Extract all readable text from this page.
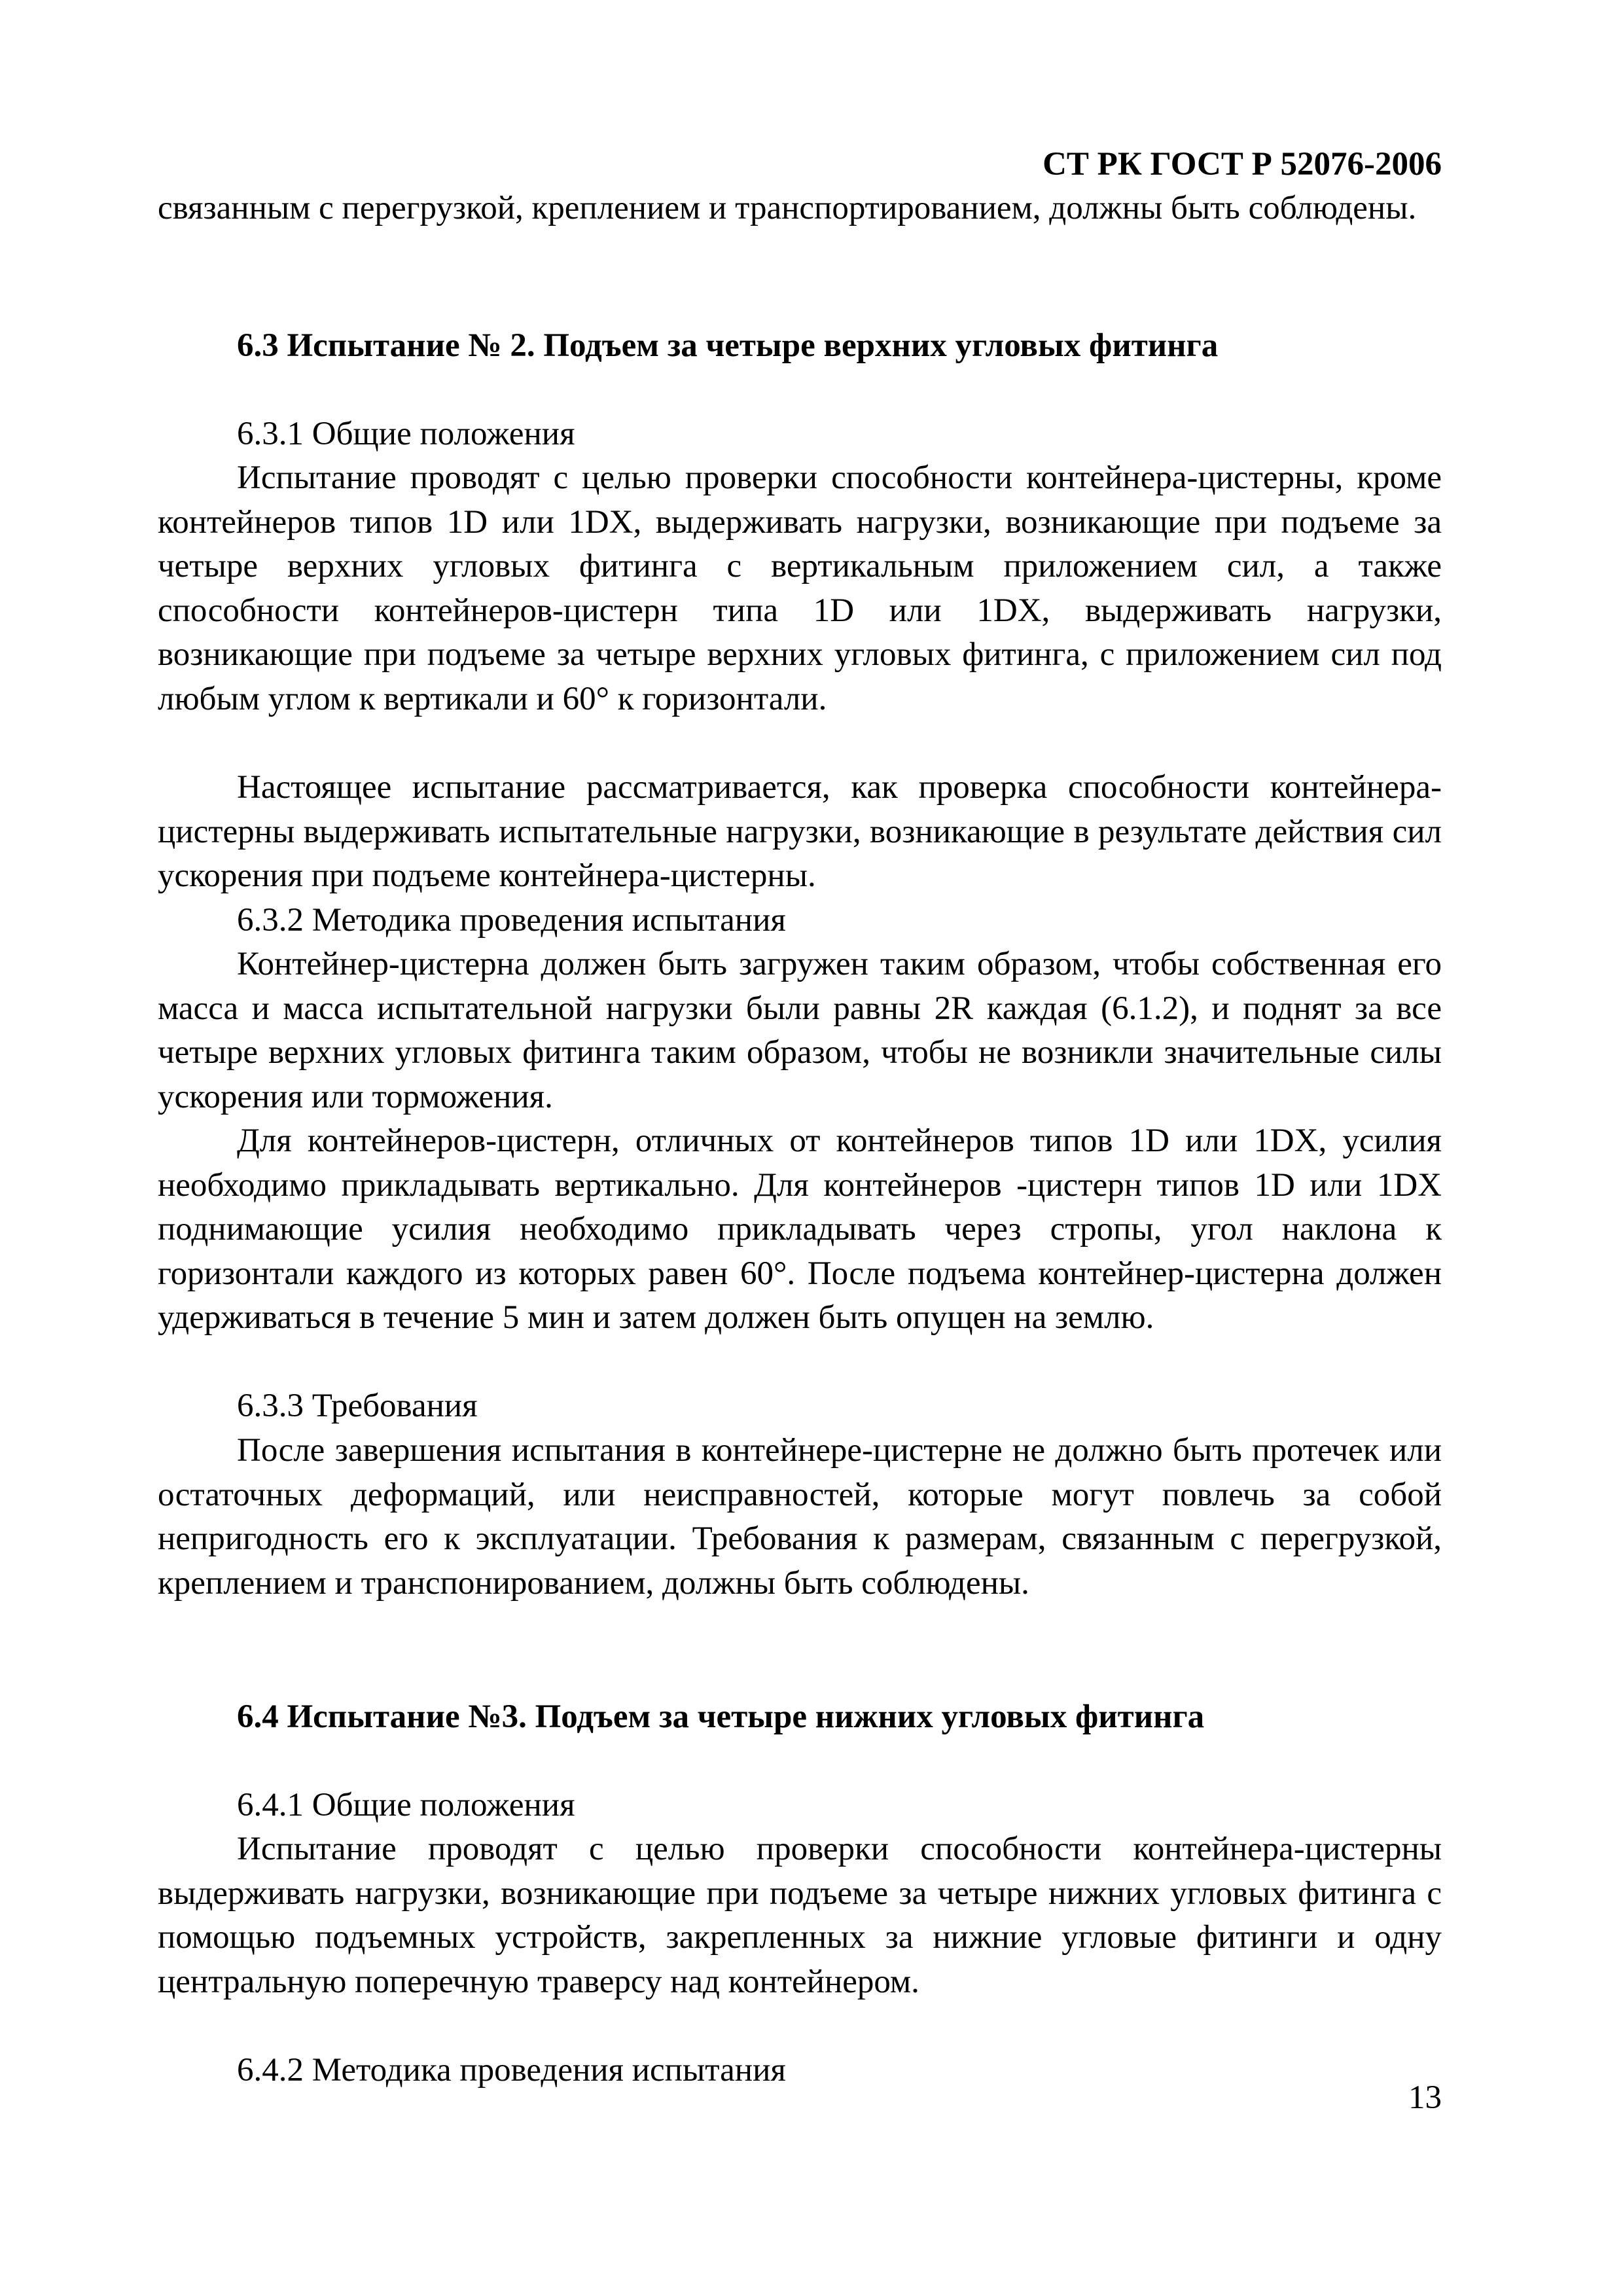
СТ РК ГОСТ Р 52076-2006

связанным с перегрузкой, креплением и транспортированием, должны быть соблюдены.

6.3 Испытание № 2. Подъем за четыре верхних угловых фитинга

6.3.1 Общие положения

Испытание проводят с целью проверки способности контейнера-цистерны, кроме контейнеров типов 1D или 1DX, выдерживать нагрузки, возникающие при подъеме за четыре верхних угловых фитинга с вертикальным приложением сил, а также способности контейнеров-цистерн типа 1D или 1DX, выдерживать нагрузки, возникающие при подъеме за четыре верхних угловых фитинга, с приложением сил под любым углом к вертикали и 60° к горизонтали.

Настоящее испытание рассматривается, как проверка способности контейнера-цистерны выдерживать испытательные нагрузки, возникающие в результате действия сил ускорения при подъеме контейнера-цистерны.

6.3.2 Методика проведения испытания

Контейнер-цистерна должен быть загружен таким образом, чтобы собственная его масса и масса испытательной нагрузки были равны 2R каждая (6.1.2), и поднят за все четыре верхних угловых фитинга таким образом, чтобы не возникли значительные силы ускорения или торможения.

Для контейнеров-цистерн, отличных от контейнеров типов 1D или 1DX, усилия необходимо прикладывать вертикально. Для контейнеров -цистерн типов 1D или 1DX поднимающие усилия необходимо прикладывать через стропы, угол наклона к горизонтали каждого из которых равен 60°. После подъема контейнер-цистерна должен удерживаться в течение 5 мин и затем должен быть опущен на землю.

6.3.3 Требования

После завершения испытания в контейнере-цистерне не должно быть протечек или остаточных деформаций, или неисправностей, которые могут повлечь за собой непригодность его к эксплуатации. Требования к размерам, связанным с перегрузкой, креплением и транспонированием, должны быть соблюдены.

6.4 Испытание №3. Подъем за четыре нижних угловых фитинга

6.4.1 Общие положения

Испытание проводят с целью проверки способности контейнера-цистерны выдерживать нагрузки, возникающие при подъеме за четыре нижних угловых фитинга с помощью подъемных устройств, закрепленных за нижние угловые фитинги и одну центральную поперечную траверсу над контейнером.

6.4.2 Методика проведения испытания

13
